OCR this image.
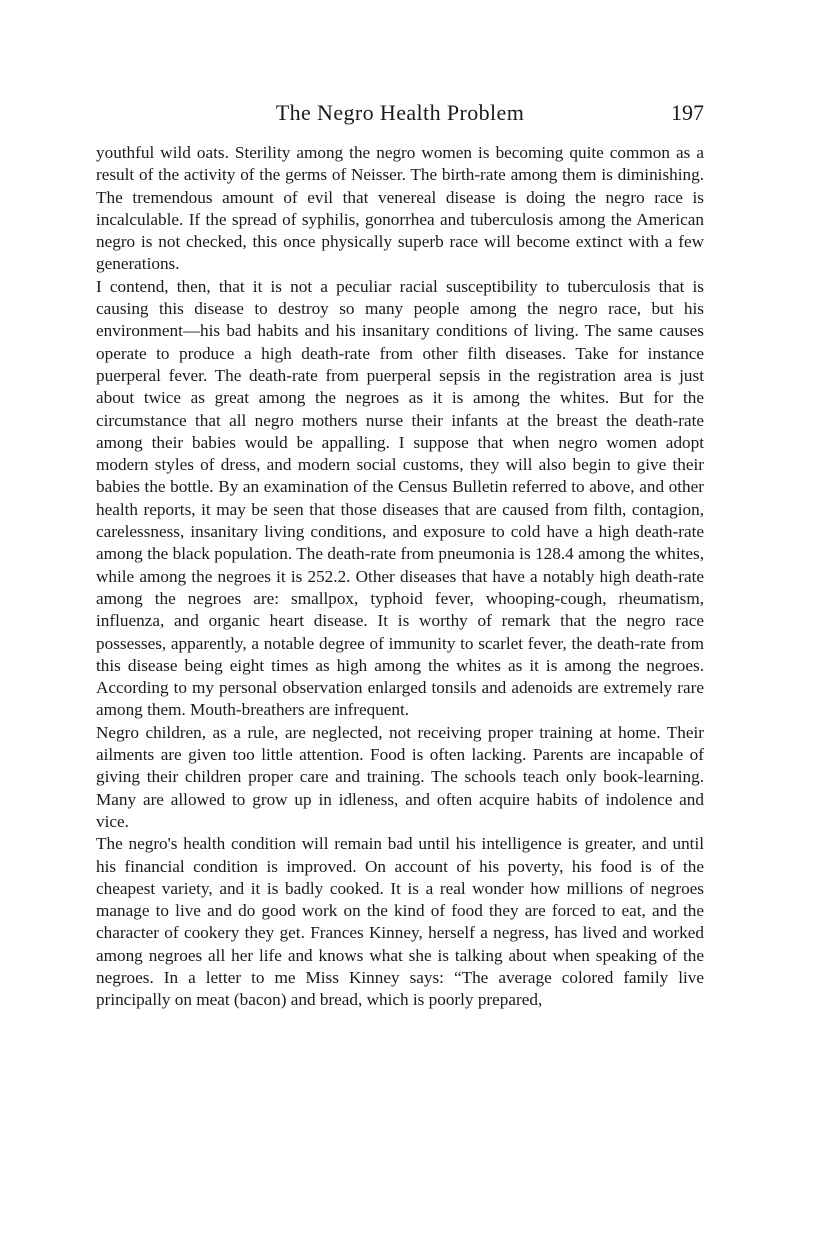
The Negro Health Problem	197

youthful wild oats. Sterility among the negro women is becoming quite common as a result of the activity of the germs of Neisser. The birth-rate among them is diminishing. The tremendous amount of evil that venereal disease is doing the negro race is incalculable. If the spread of syphilis, gonorrhea and tuberculosis among the American negro is not checked, this once physically superb race will become extinct with a few generations.

I contend, then, that it is not a peculiar racial susceptibility to tuberculosis that is causing this disease to destroy so many people among the negro race, but his environment—his bad habits and his insanitary conditions of living. The same causes operate to produce a high death-rate from other filth diseases. Take for instance puerperal fever. The death-rate from puerperal sepsis in the registration area is just about twice as great among the negroes as it is among the whites. But for the circumstance that all negro mothers nurse their infants at the breast the death-rate among their babies would be appalling. I suppose that when negro women adopt modern styles of dress, and modern social customs, they will also begin to give their babies the bottle. By an examination of the Census Bulletin referred to above, and other health reports, it may be seen that those diseases that are caused from filth, contagion, carelessness, insanitary living conditions, and exposure to cold have a high death-rate among the black population. The death-rate from pneumonia is 128.4 among the whites, while among the negroes it is 252.2. Other diseases that have a notably high death-rate among the negroes are: smallpox, typhoid fever, whooping-cough, rheumatism, influenza, and organic heart disease. It is worthy of remark that the negro race possesses, apparently, a notable degree of immunity to scarlet fever, the death-rate from this disease being eight times as high among the whites as it is among the negroes. According to my personal observation enlarged tonsils and adenoids are extremely rare among them. Mouth-breathers are infrequent.

Negro children, as a rule, are neglected, not receiving proper training at home. Their ailments are given too little attention. Food is often lacking. Parents are incapable of giving their children proper care and training. The schools teach only book-learning. Many are allowed to grow up in idleness, and often acquire habits of indolence and vice.

The negro's health condition will remain bad until his intelligence is greater, and until his financial condition is improved. On account of his poverty, his food is of the cheapest variety, and it is badly cooked. It is a real wonder how millions of negroes manage to live and do good work on the kind of food they are forced to eat, and the character of cookery they get. Frances Kinney, herself a negress, has lived and worked among negroes all her life and knows what she is talking about when speaking of the negroes. In a letter to me Miss Kinney says: “The average colored family live principally on meat (bacon) and bread, which is poorly prepared,
